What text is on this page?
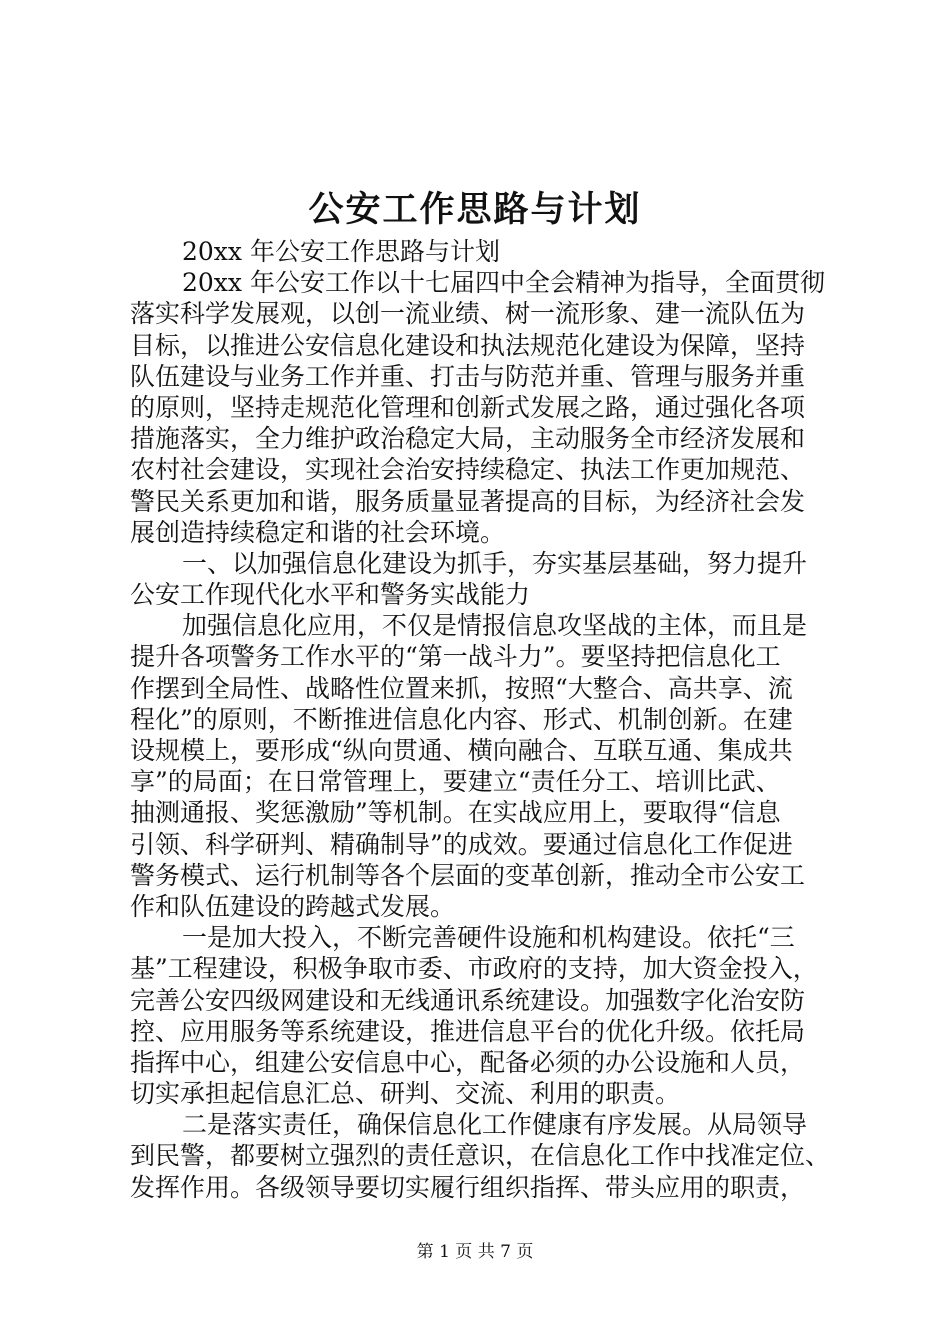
公安工作思路与计划
20xx 年公安工作思路与计划
20xx 年公安工作以十七届四中全会精神为指导，全面贯彻
落实科学发展观，以创一流业绩、树一流形象、建一流队伍为
目标，以推进公安信息化建设和执法规范化建设为保障，坚持
队伍建设与业务工作并重、打击与防范并重、管理与服务并重
的原则，坚持走规范化管理和创新式发展之路，通过强化各项
措施落实，全力维护政治稳定大局，主动服务全市经济发展和
农村社会建设，实现社会治安持续稳定、执法工作更加规范、
警民关系更加和谐，服务质量显著提高的目标，为经济社会发
展创造持续稳定和谐的社会环境。
一、以加强信息化建设为抓手，夯实基层基础，努力提升
公安工作现代化水平和警务实战能力
加强信息化应用，不仅是情报信息攻坚战的主体，而且是
提升各项警务工作水平的“第一战斗力”。要坚持把信息化工
作摆到全局性、战略性位置来抓，按照“大整合、高共享、流
程化”的原则，不断推进信息化内容、形式、机制创新。在建
设规模上，要形成“纵向贯通、横向融合、互联互通、集成共
享”的局面；在日常管理上，要建立“责任分工、培训比武、
抽测通报、奖惩激励”等机制。在实战应用上，要取得“信息
引领、科学研判、精确制导”的成效。要通过信息化工作促进
警务模式、运行机制等各个层面的变革创新，推动全市公安工
作和队伍建设的跨越式发展。
一是加大投入，不断完善硬件设施和机构建设。依托“三
基”工程建设，积极争取市委、市政府的支持，加大资金投入，
完善公安四级网建设和无线通讯系统建设。加强数字化治安防
控、应用服务等系统建设，推进信息平台的优化升级。依托局
指挥中心，组建公安信息中心，配备必须的办公设施和人员，
切实承担起信息汇总、研判、交流、利用的职责。
二是落实责任，确保信息化工作健康有序发展。从局领导
到民警，都要树立强烈的责任意识，在信息化工作中找准定位、
发挥作用。各级领导要切实履行组织指挥、带头应用的职责，
第 1 页 共 7 页
